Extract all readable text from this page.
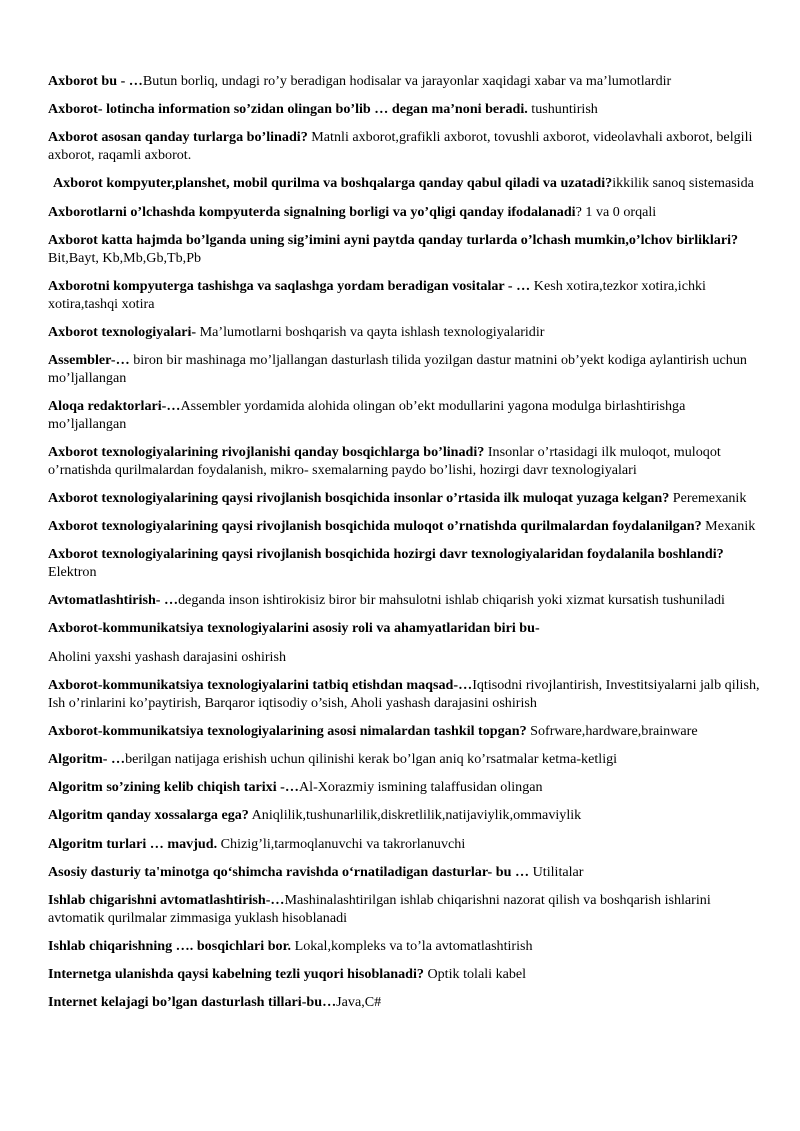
Axborot bu - …Butun borliq, undagi ro’y beradigan hodisalar va jarayonlar xaqidagi xabar va ma’lumotlardir

Axborot- lotincha information so’zidan olingan bo’lib … degan ma’noni beradi. tushuntirish

Axborot asosan qanday turlarga bo’linadi? Matnli axborot,grafikli axborot, tovushli axborot, videolavhali axborot, belgili axborot, raqamli axborot.

Axborot kompyuter,planshet, mobil qurilma va boshqalarga qanday qabul qiladi va uzatadi?ikkilik sanoq sistemasida

Axborotlarni o’lchashda kompyuterda signalning borligi va yo’qligi qanday ifodalanadi? 1 va 0 orqali

Axborot katta hajmda bo’lganda uning sig’imini ayni paytda qanday turlarda o’lchash mumkin,o’lchov birliklari? Bit,Bayt, Kb,Mb,Gb,Tb,Pb

Axborotni kompyuterga tashishga va saqlashga yordam beradigan vositalar - … Kesh xotira,tezkor xotira,ichki xotira,tashqi xotira

Axborot texnologiyalari- Ma’lumotlarni boshqarish va qayta ishlash texnologiyalaridir

Assembler-… biron bir mashinaga mo’ljallangan dasturlash tilida yozilgan dastur matnini ob’yekt kodiga aylantirish uchun mo’ljallangan

Aloqa redaktorlari-…Assembler yordamida alohida olingan ob’ekt modullarini yagona modulga birlashtirishga mo’ljallangan

Axborot texnologiyalarining rivojlanishi qanday bosqichlarga bo’linadi? Insonlar o’rtasidagi ilk muloqot, muloqot o’rnatishda qurilmalardan foydalanish, mikro- sxemalarning paydo bo’lishi, hozirgi davr texnologiyalari

Axborot texnologiyalarining qaysi rivojlanish bosqichida insonlar o’rtasida ilk muloqat yuzaga kelgan? Peremexanik

Axborot texnologiyalarining qaysi rivojlanish bosqichida muloqot o’rnatishda qurilmalardan foydalanilgan? Mexanik

Axborot texnologiyalarining qaysi rivojlanish bosqichida hozirgi davr texnologiyalaridan foydalanila boshlandi? Elektron

Avtomatlashtirish- …deganda inson ishtirokisiz biror bir mahsulotni ishlab chiqarish yoki xizmat kursatish tushuniladi

Axborot-kommunikatsiya texnologiyalarini asosiy roli va ahamyatlaridan biri bu-

Aholini yaxshi yashash darajasini oshirish

Axborot-kommunikatsiya texnologiyalarini tatbiq etishdan maqsad-…Iqtisodni rivojlantirish, Investitsiyalarni jalb qilish, Ish o’rinlarini ko’paytirish, Barqaror iqtisodiy o’sish, Aholi yashash darajasini oshirish

Axborot-kommunikatsiya texnologiyalarining asosi nimalardan tashkil topgan? Sofrware,hardware,brainware

Algoritm- …berilgan natijaga erishish uchun qilinishi kerak bo’lgan aniq ko’rsatmalar ketma-ketligi

Algoritm so’zining kelib chiqish tarixi -…Al-Xorazmiy ismining talaffusidan olingan

Algoritm qanday xossalarga ega? Aniqlilik,tushunarlilik,diskretlilik,natijaviylik,ommaviylik

Algoritm turlari … mavjud. Chizig’li,tarmoqlanuvchi va takrorlanuvchi

Asosiy dasturiy ta'minotga qo‘shimcha ravishda o‘rnatiladigan dasturlar- bu … Utilitalar

Ishlab chigarishni avtomatlashtirish-…Mashinalashtirilgan ishlab chiqarishni nazorat qilish va boshqarish ishlarini avtomatik qurilmalar zimmasiga yuklash hisoblanadi

Ishlab chiqarishning …. bosqichlari bor. Lokal,kompleks va to’la avtomatlashtirish

Internetga ulanishda qaysi kabelning tezli yuqori hisoblanadi? Optik tolali kabel

Internet kelajagi bo’lgan dasturlash tillari-bu…Java,C#
